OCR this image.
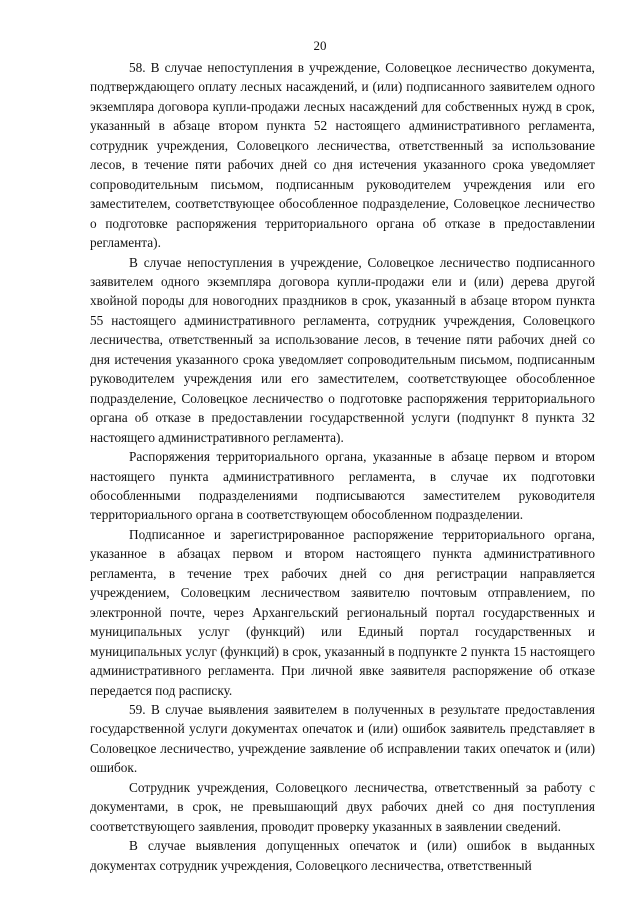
20

58. В случае непоступления в учреждение, Соловецкое лесничество документа, подтверждающего оплату лесных насаждений, и (или) подписанного заявителем одного экземпляра договора купли-продажи лесных насаждений для собственных нужд в срок, указанный в абзаце втором пункта 52 настоящего административного регламента, сотрудник учреждения, Соловецкого лесничества, ответственный за использование лесов, в течение пяти рабочих дней со дня истечения указанного срока уведомляет сопроводительным письмом, подписанным руководителем учреждения или его заместителем, соответствующее обособленное подразделение, Соловецкое лесничество о подготовке распоряжения территориального органа об отказе в предоставлении регламента).

В случае непоступления в учреждение, Соловецкое лесничество подписанного заявителем одного экземпляра договора купли-продажи ели и (или) дерева другой хвойной породы для новогодних праздников в срок, указанный в абзаце втором пункта 55 настоящего административного регламента, сотрудник учреждения, Соловецкого лесничества, ответственный за использование лесов, в течение пяти рабочих дней со дня истечения указанного срока уведомляет сопроводительным письмом, подписанным руководителем учреждения или его заместителем, соответствующее обособленное подразделение, Соловецкое лесничество о подготовке распоряжения территориального органа об отказе в предоставлении государственной услуги (подпункт 8 пункта 32 настоящего административного регламента).

Распоряжения территориального органа, указанные в абзаце первом и втором настоящего пункта административного регламента, в случае их подготовки обособленными подразделениями подписываются заместителем руководителя территориального органа в соответствующем обособленном подразделении.

Подписанное и зарегистрированное распоряжение территориального органа, указанное в абзацах первом и втором настоящего пункта административного регламента, в течение трех рабочих дней со дня регистрации направляется учреждением, Соловецким лесничеством заявителю почтовым отправлением, по электронной почте, через Архангельский региональный портал государственных и муниципальных услуг (функций) или Единый портал государственных и муниципальных услуг (функций) в срок, указанный в подпункте 2 пункта 15 настоящего административного регламента. При личной явке заявителя распоряжение об отказе передается под расписку.

59. В случае выявления заявителем в полученных в результате предоставления государственной услуги документах опечаток и (или) ошибок заявитель представляет в Соловецкое лесничество, учреждение заявление об исправлении таких опечаток и (или) ошибок.

Сотрудник учреждения, Соловецкого лесничества, ответственный за работу с документами, в срок, не превышающий двух рабочих дней со дня поступления соответствующего заявления, проводит проверку указанных в заявлении сведений.

В случае выявления допущенных опечаток и (или) ошибок в выданных документах сотрудник учреждения, Соловецкого лесничества, ответственный
